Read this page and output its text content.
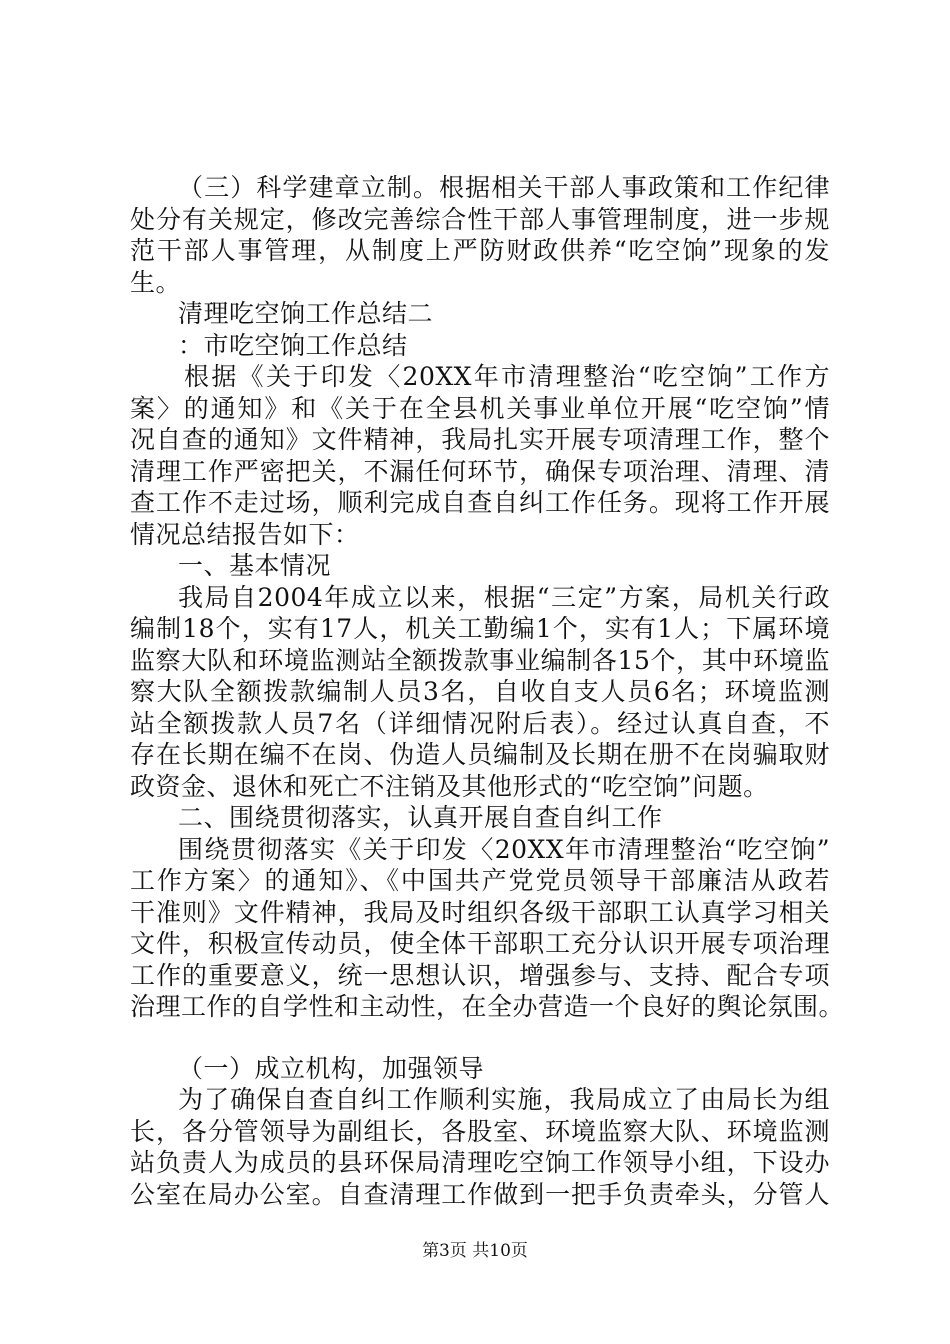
（三）科学建章立制。根据相关干部人事政策和工作纪律
处分有关规定，修改完善综合性干部人事管理制度，进一步规
范干部人事管理，从制度上严防财政供养“吃空饷”现象的发
生。
清理吃空饷工作总结二
：市吃空饷工作总结
根据《关于印发〈20XX年市清理整治“吃空饷”工作方
案〉的通知》和《关于在全县机关事业单位开展“吃空饷”情
况自查的通知》文件精神，我局扎实开展专项清理工作，整个
清理工作严密把关，不漏任何环节，确保专项治理、清理、清
查工作不走过场，顺利完成自查自纠工作任务。现将工作开展
情况总结报告如下：
一、基本情况
我局自2004年成立以来，根据“三定”方案，局机关行政
编制18个，实有17人，机关工勤编1个，实有1人；下属环境
监察大队和环境监测站全额拨款事业编制各15个，其中环境监
察大队全额拨款编制人员3名，自收自支人员6名；环境监测
站全额拨款人员7名（详细情况附后表）。经过认真自查，不
存在长期在编不在岗、伪造人员编制及长期在册不在岗骗取财
政资金、退休和死亡不注销及其他形式的“吃空饷”问题。
二、围绕贯彻落实，认真开展自查自纠工作
围绕贯彻落实《关于印发〈20XX年市清理整治“吃空饷”
工作方案〉的通知》、《中国共产党党员领导干部廉洁从政若
干准则》文件精神，我局及时组织各级干部职工认真学习相关
文件，积极宣传动员，使全体干部职工充分认识开展专项治理
工作的重要意义，统一思想认识，增强参与、支持、配合专项
治理工作的自学性和主动性，在全办营造一个良好的舆论氛围。
（一）成立机构，加强领导
为了确保自查自纠工作顺利实施，我局成立了由局长为组
长，各分管领导为副组长，各股室、环境监察大队、环境监测
站负责人为成员的县环保局清理吃空饷工作领导小组，下设办
公室在局办公室。自查清理工作做到一把手负责牵头，分管人
第3页 共10页
